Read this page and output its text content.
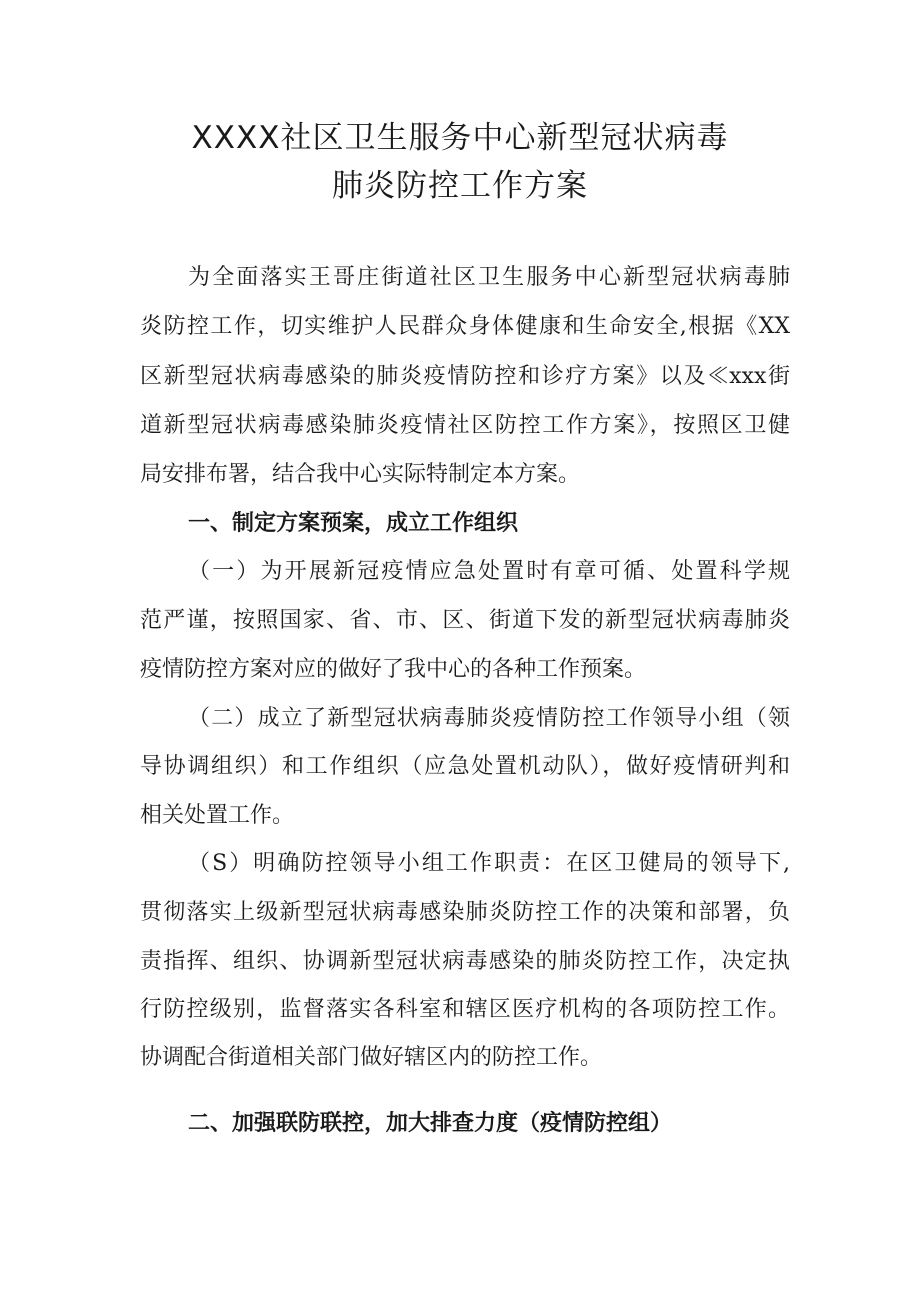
XXXX社区卫生服务中心新型冠状病毒
肺炎防控工作方案
为全面落实王哥庄街道社区卫生服务中心新型冠状病毒肺
炎防控工作，切实维护人民群众身体健康和生命安全,根据《XX
区新型冠状病毒感染的肺炎疫情防控和诊疗方案》以及≪xxx街
道新型冠状病毒感染肺炎疫情社区防控工作方案》，按照区卫健
局安排布署，结合我中心实际特制定本方案。
一、制定方案预案，成立工作组织
（一）为开展新冠疫情应急处置时有章可循、处置科学规
范严谨，按照国家、省、市、区、街道下发的新型冠状病毒肺炎
疫情防控方案对应的做好了我中心的各种工作预案。
（二）成立了新型冠状病毒肺炎疫情防控工作领导小组（领
导协调组织）和工作组织（应急处置机动队），做好疫情研判和
相关处置工作。
（S）明确防控领导小组工作职责：在区卫健局的领导下,
贯彻落实上级新型冠状病毒感染肺炎防控工作的决策和部署，负
责指挥、组织、协调新型冠状病毒感染的肺炎防控工作，决定执
行防控级别，监督落实各科室和辖区医疗机构的各项防控工作。
协调配合街道相关部门做好辖区内的防控工作。
二、加强联防联控，加大排查力度（疫情防控组）
